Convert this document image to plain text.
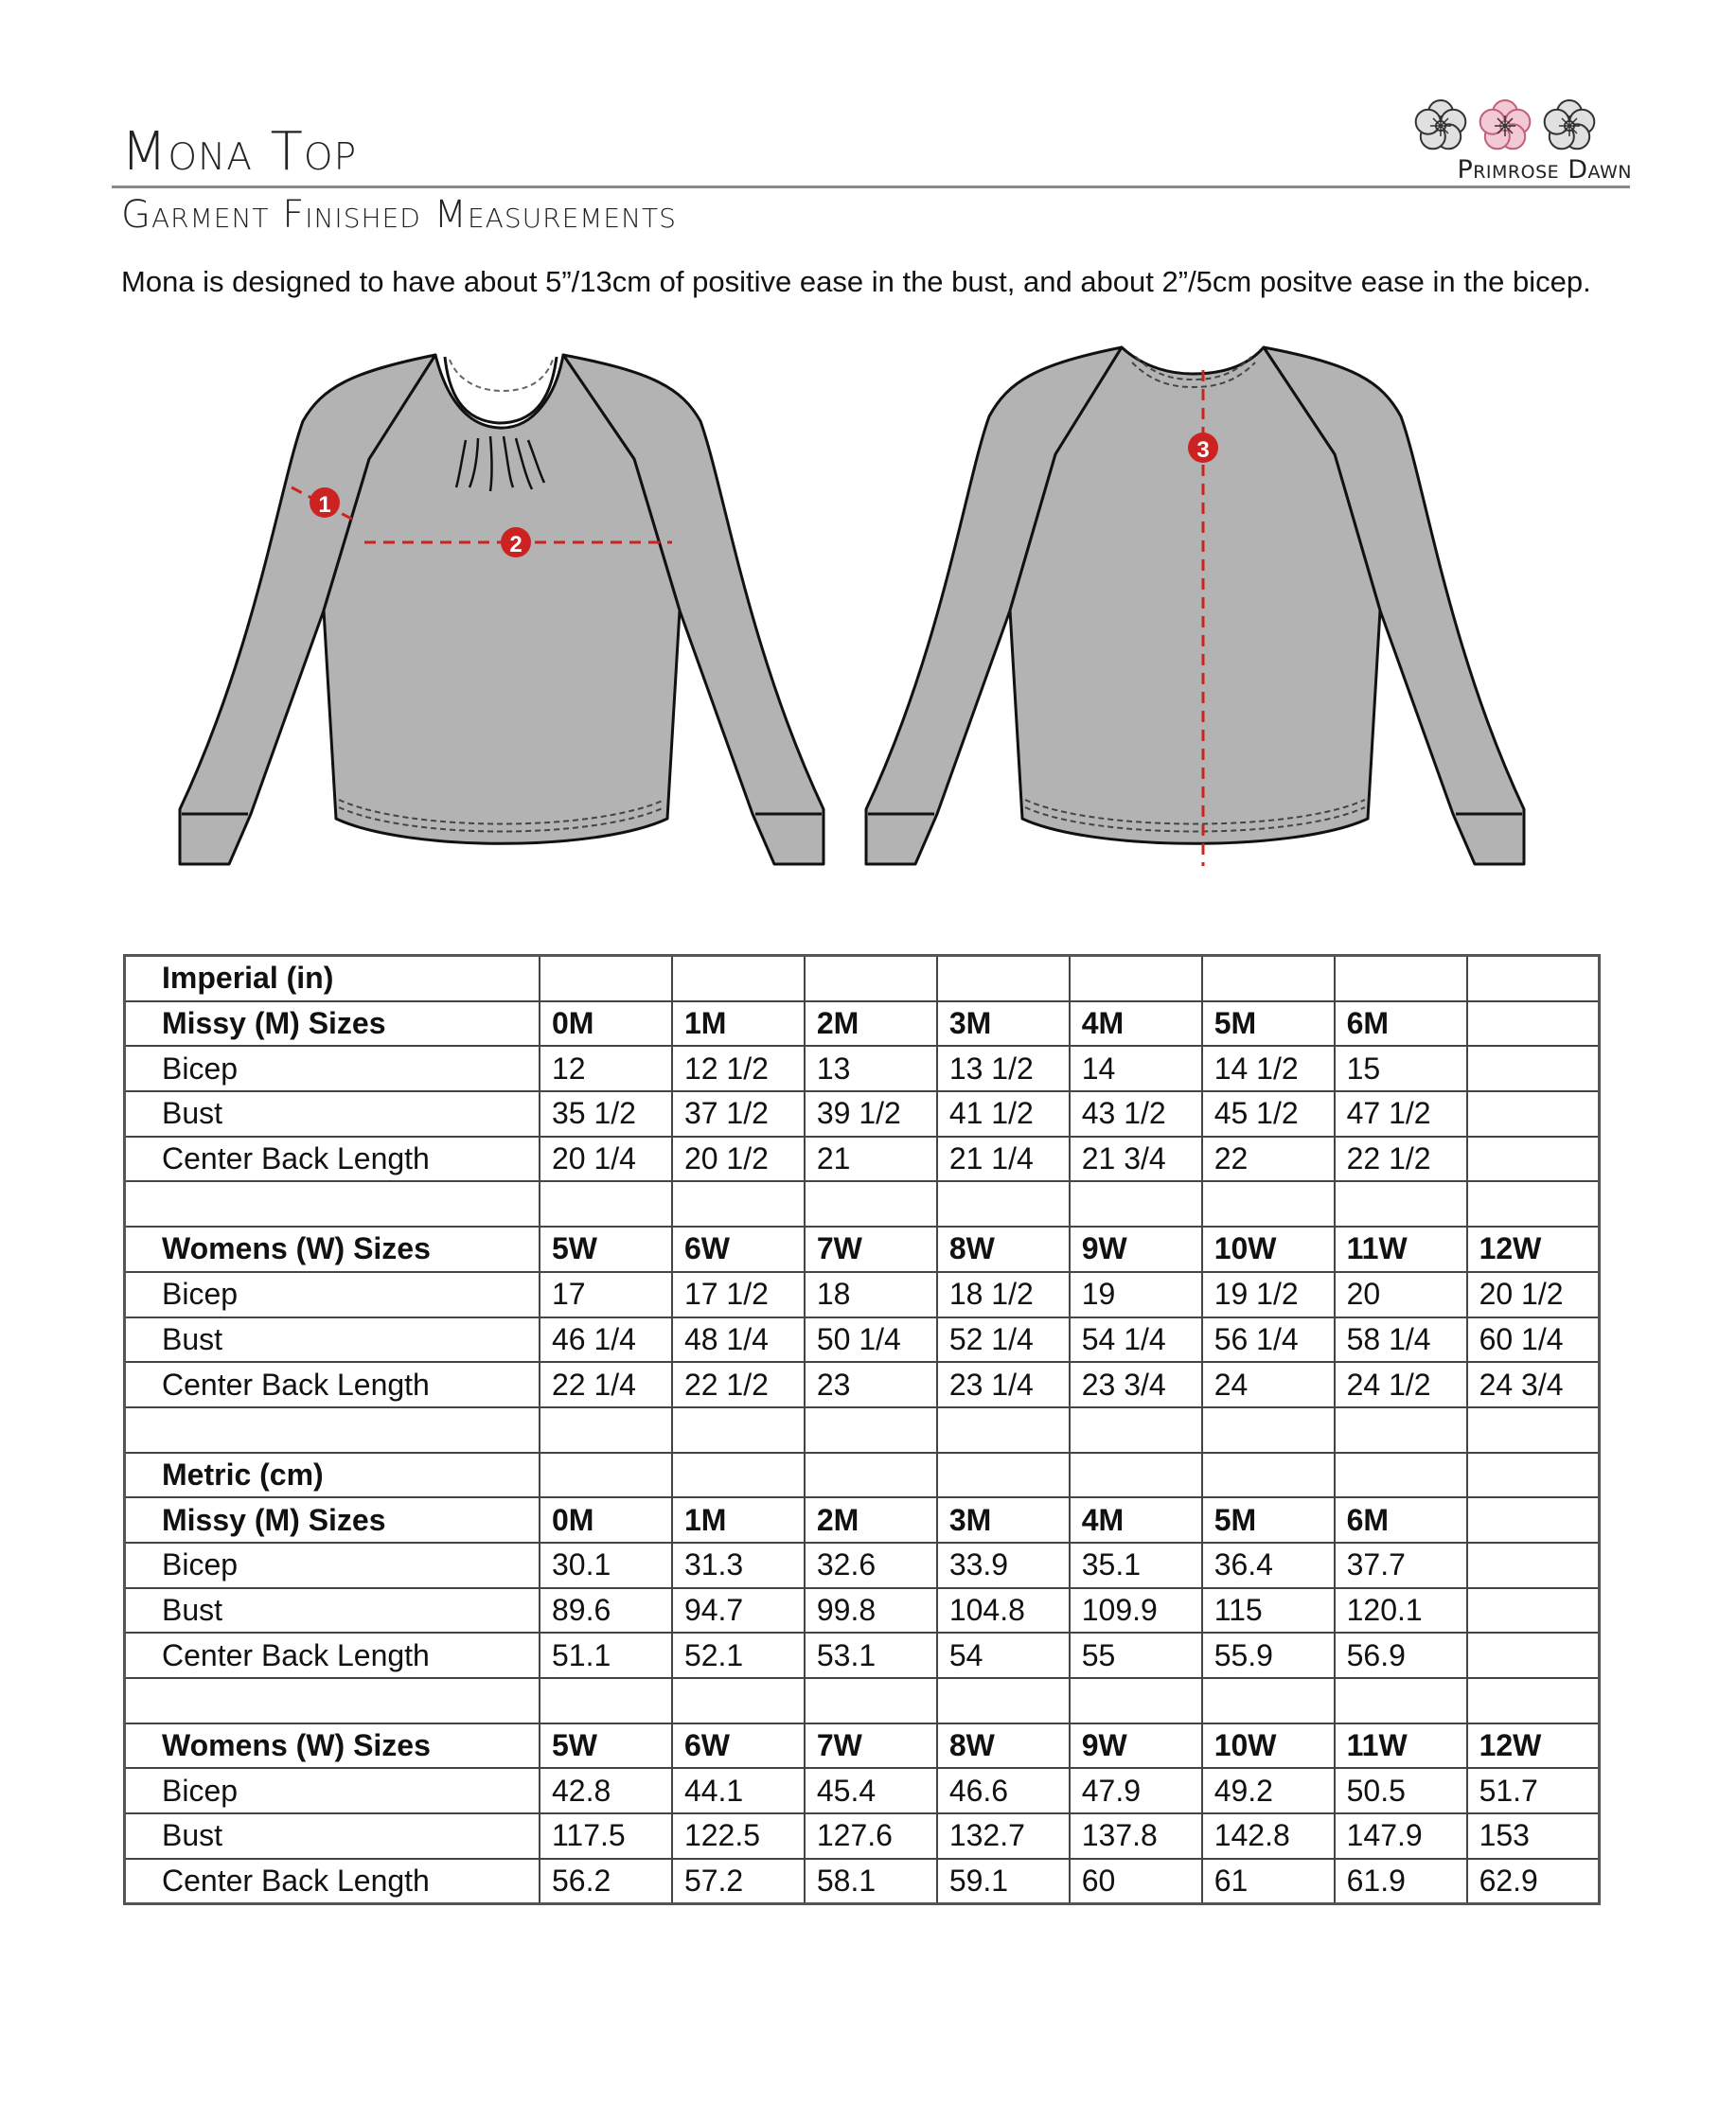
Mona Top	Primrose Dawn
Garment Finished Measurements
Mona is designed to have about 5”/13cm of positive ease in the bust, and about 2”/5cm positve ease in the bicep.
1
2
3
Imperial (in)								
Missy (M) Sizes	0M	1M	2M	3M	4M	5M	6M	
Bicep	12	12 1/2	13	13 1/2	14	14 1/2	15	
Bust	35 1/2	37 1/2	39 1/2	41 1/2	43 1/2	45 1/2	47 1/2	
Center Back Length	20 1/4	20 1/2	21	21 1/4	21 3/4	22	22 1/2	

Womens (W) Sizes	5W	6W	7W	8W	9W	10W	11W	12W
Bicep	17	17 1/2	18	18 1/2	19	19 1/2	20	20 1/2
Bust	46 1/4	48 1/4	50 1/4	52 1/4	54 1/4	56 1/4	58 1/4	60 1/4
Center Back Length	22 1/4	22 1/2	23	23 1/4	23 3/4	24	24 1/2	24 3/4

Metric (cm)								
Missy (M) Sizes	0M	1M	2M	3M	4M	5M	6M	
Bicep	30.1	31.3	32.6	33.9	35.1	36.4	37.7	
Bust	89.6	94.7	99.8	104.8	109.9	115	120.1	
Center Back Length	51.1	52.1	53.1	54	55	55.9	56.9	

Womens (W) Sizes	5W	6W	7W	8W	9W	10W	11W	12W
Bicep	42.8	44.1	45.4	46.6	47.9	49.2	50.5	51.7
Bust	117.5	122.5	127.6	132.7	137.8	142.8	147.9	153
Center Back Length	56.2	57.2	58.1	59.1	60	61	61.9	62.9
